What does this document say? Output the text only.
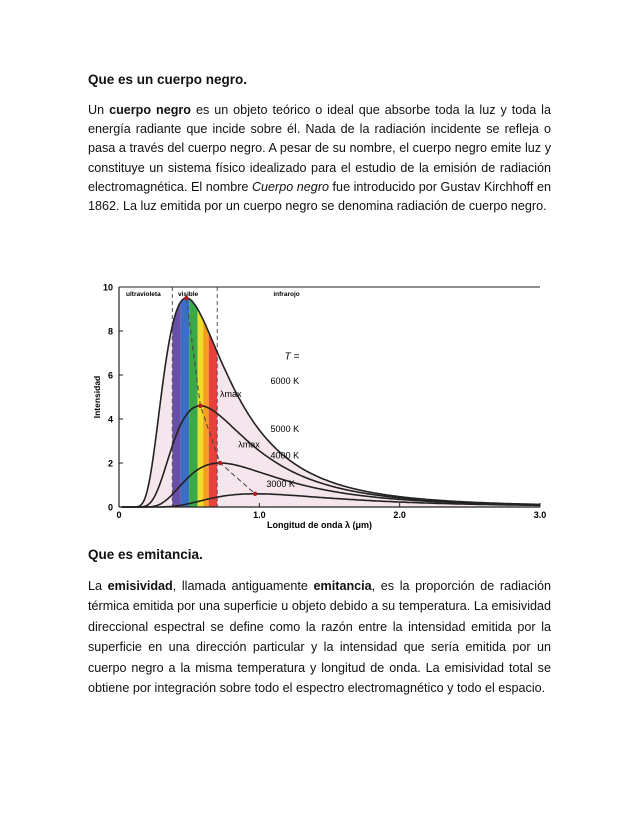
Que es un cuerpo negro.
Un cuerpo negro es un objeto teórico o ideal que absorbe toda la luz y toda la energía radiante que incide sobre él. Nada de la radiación incidente se refleja o pasa a través del cuerpo negro. A pesar de su nombre, el cuerpo negro emite luz y constituye un sistema físico idealizado para el estudio de la emisión de radiación electromagnética. El nombre Cuerpo negro fue introducido por Gustav Kirchhoff en 1862. La luz emitida por un cuerpo negro se denomina radiación de cuerpo negro.
0
2
4
6
8
10
0	1.0	2.0	3.0
Intensidad
Longitud de onda λ (μm)
ultravioleta	visible	infrarojo
T =
6000 K
5000 K
4000 K
3000 K
λmax
λmax
Que es emitancia.
La emisividad, llamada antiguamente emitancia, es la proporción de radiación térmica emitida por una superficie u objeto debido a su temperatura. La emisividad direccional espectral se define como la razón entre la intensidad emitida por la superficie en una dirección particular y la intensidad que sería emitida por un cuerpo negro a la misma temperatura y longitud de onda. La emisividad total se obtiene por integración sobre todo el espectro electromagnético y todo el espacio.
